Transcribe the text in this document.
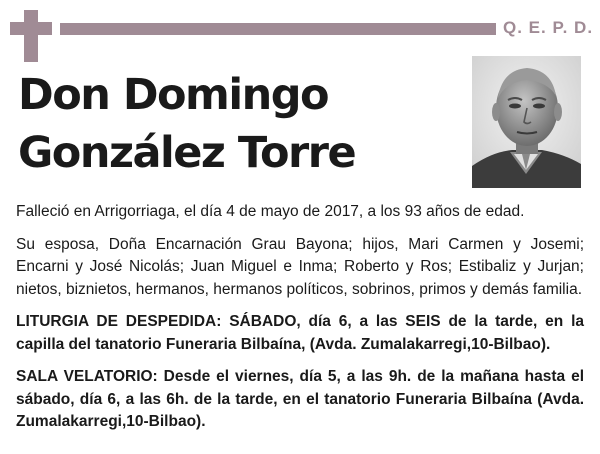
Q. E. P. D.
Don Domingo
González Torre

Falleció en Arrigorriaga, el día 4 de mayo de 2017, a los 93 años de edad.

Su esposa, Doña Encarnación Grau Bayona; hijos, Mari Carmen y Josemi; Encarni y José Nicolás; Juan Miguel e Inma; Roberto y Ros; Estibaliz y Jurjan; nietos, biznietos, hermanos, hermanos políticos, sobrinos, primos y demás familia.

LITURGIA DE DESPEDIDA: SÁBADO, día 6, a las SEIS de la tarde, en la capilla del tanatorio Funeraria Bilbaína, (Avda. Zumalakarregi,10-Bilbao).

SALA VELATORIO: Desde el viernes, día 5, a las 9h. de la mañana hasta el sábado, día 6, a las 6h. de la tarde, en el tanatorio Funeraria Bilbaína (Avda. Zumalakarregi,10-Bilbao).
